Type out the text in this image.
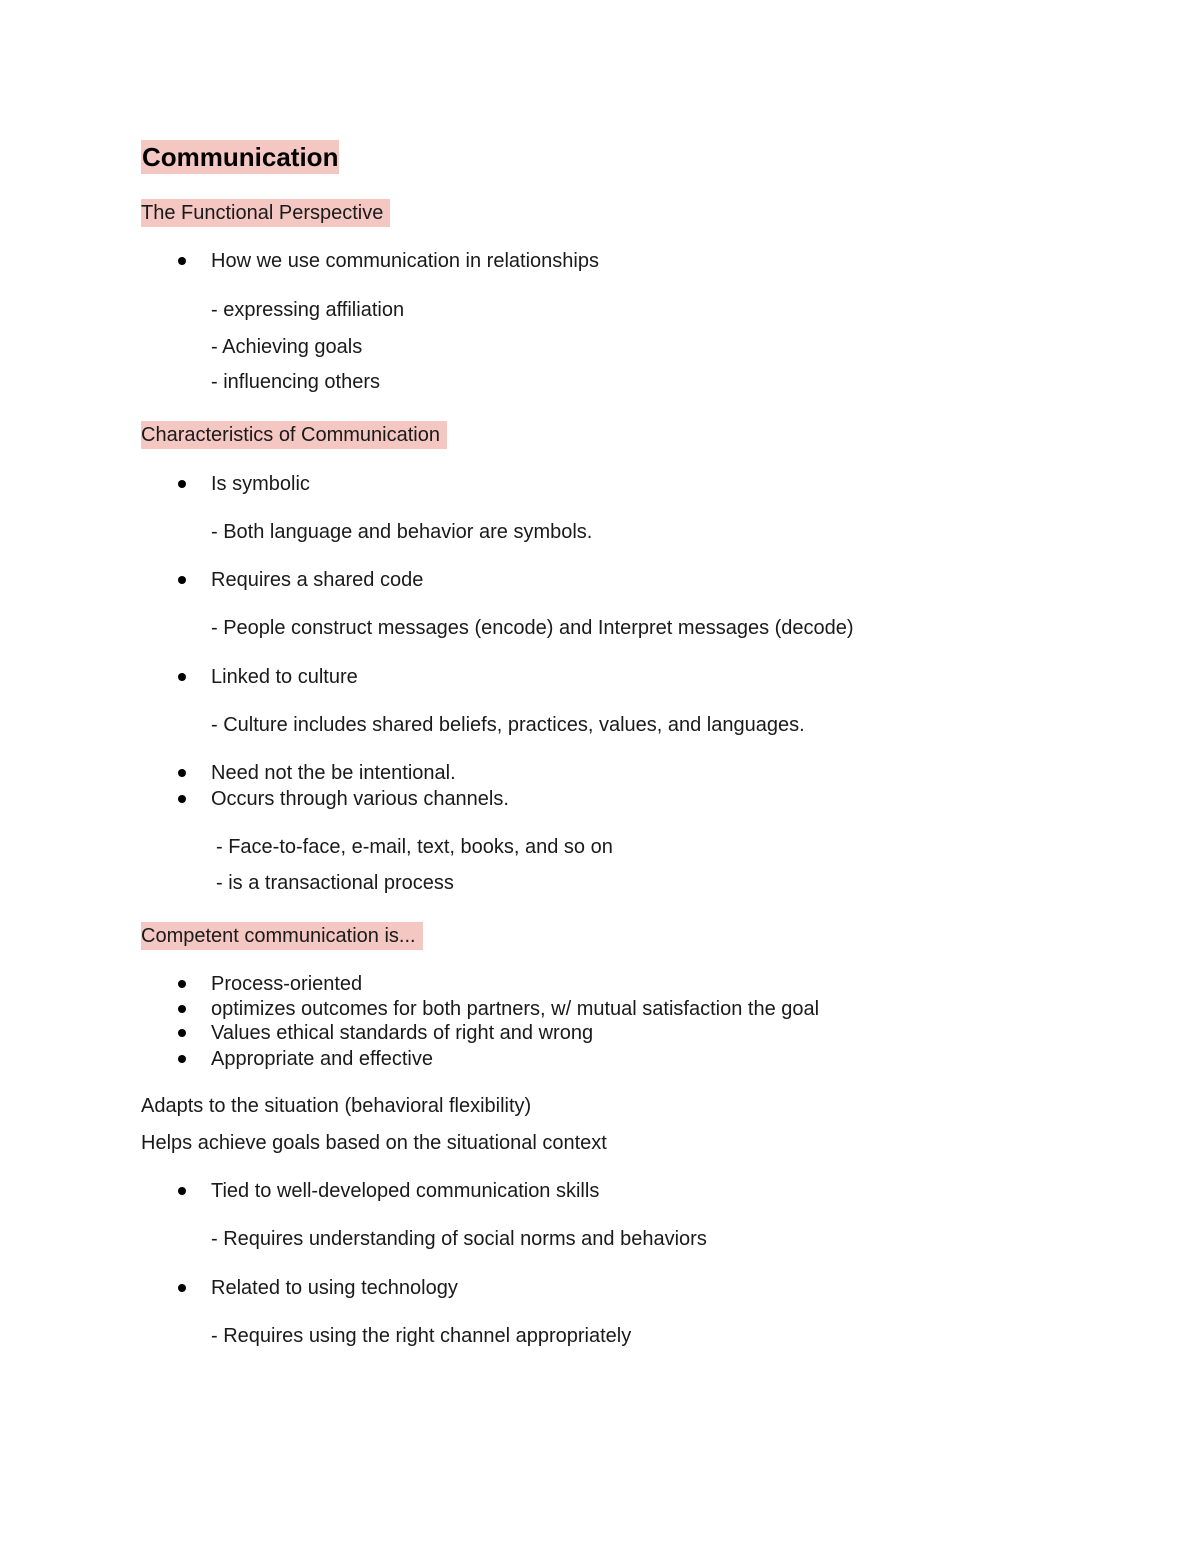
Communication
The Functional Perspective
How we use communication in relationships
- expressing affiliation
- Achieving goals
- influencing others
Characteristics of Communication
Is symbolic
- Both language and behavior are symbols.
Requires a shared code
- People construct messages (encode) and Interpret messages (decode)
Linked to culture
- Culture includes shared beliefs, practices, values, and languages.
Need not the be intentional.
Occurs through various channels.
- Face-to-face, e-mail, text, books, and so on
- is a transactional process
Competent communication is...
Process-oriented
optimizes outcomes for both partners, w/ mutual satisfaction the goal
Values ethical standards of right and wrong
Appropriate and effective
Adapts to the situation (behavioral flexibility)
Helps achieve goals based on the situational context
Tied to well-developed communication skills
- Requires understanding of social norms and behaviors
Related to using technology
- Requires using the right channel appropriately
